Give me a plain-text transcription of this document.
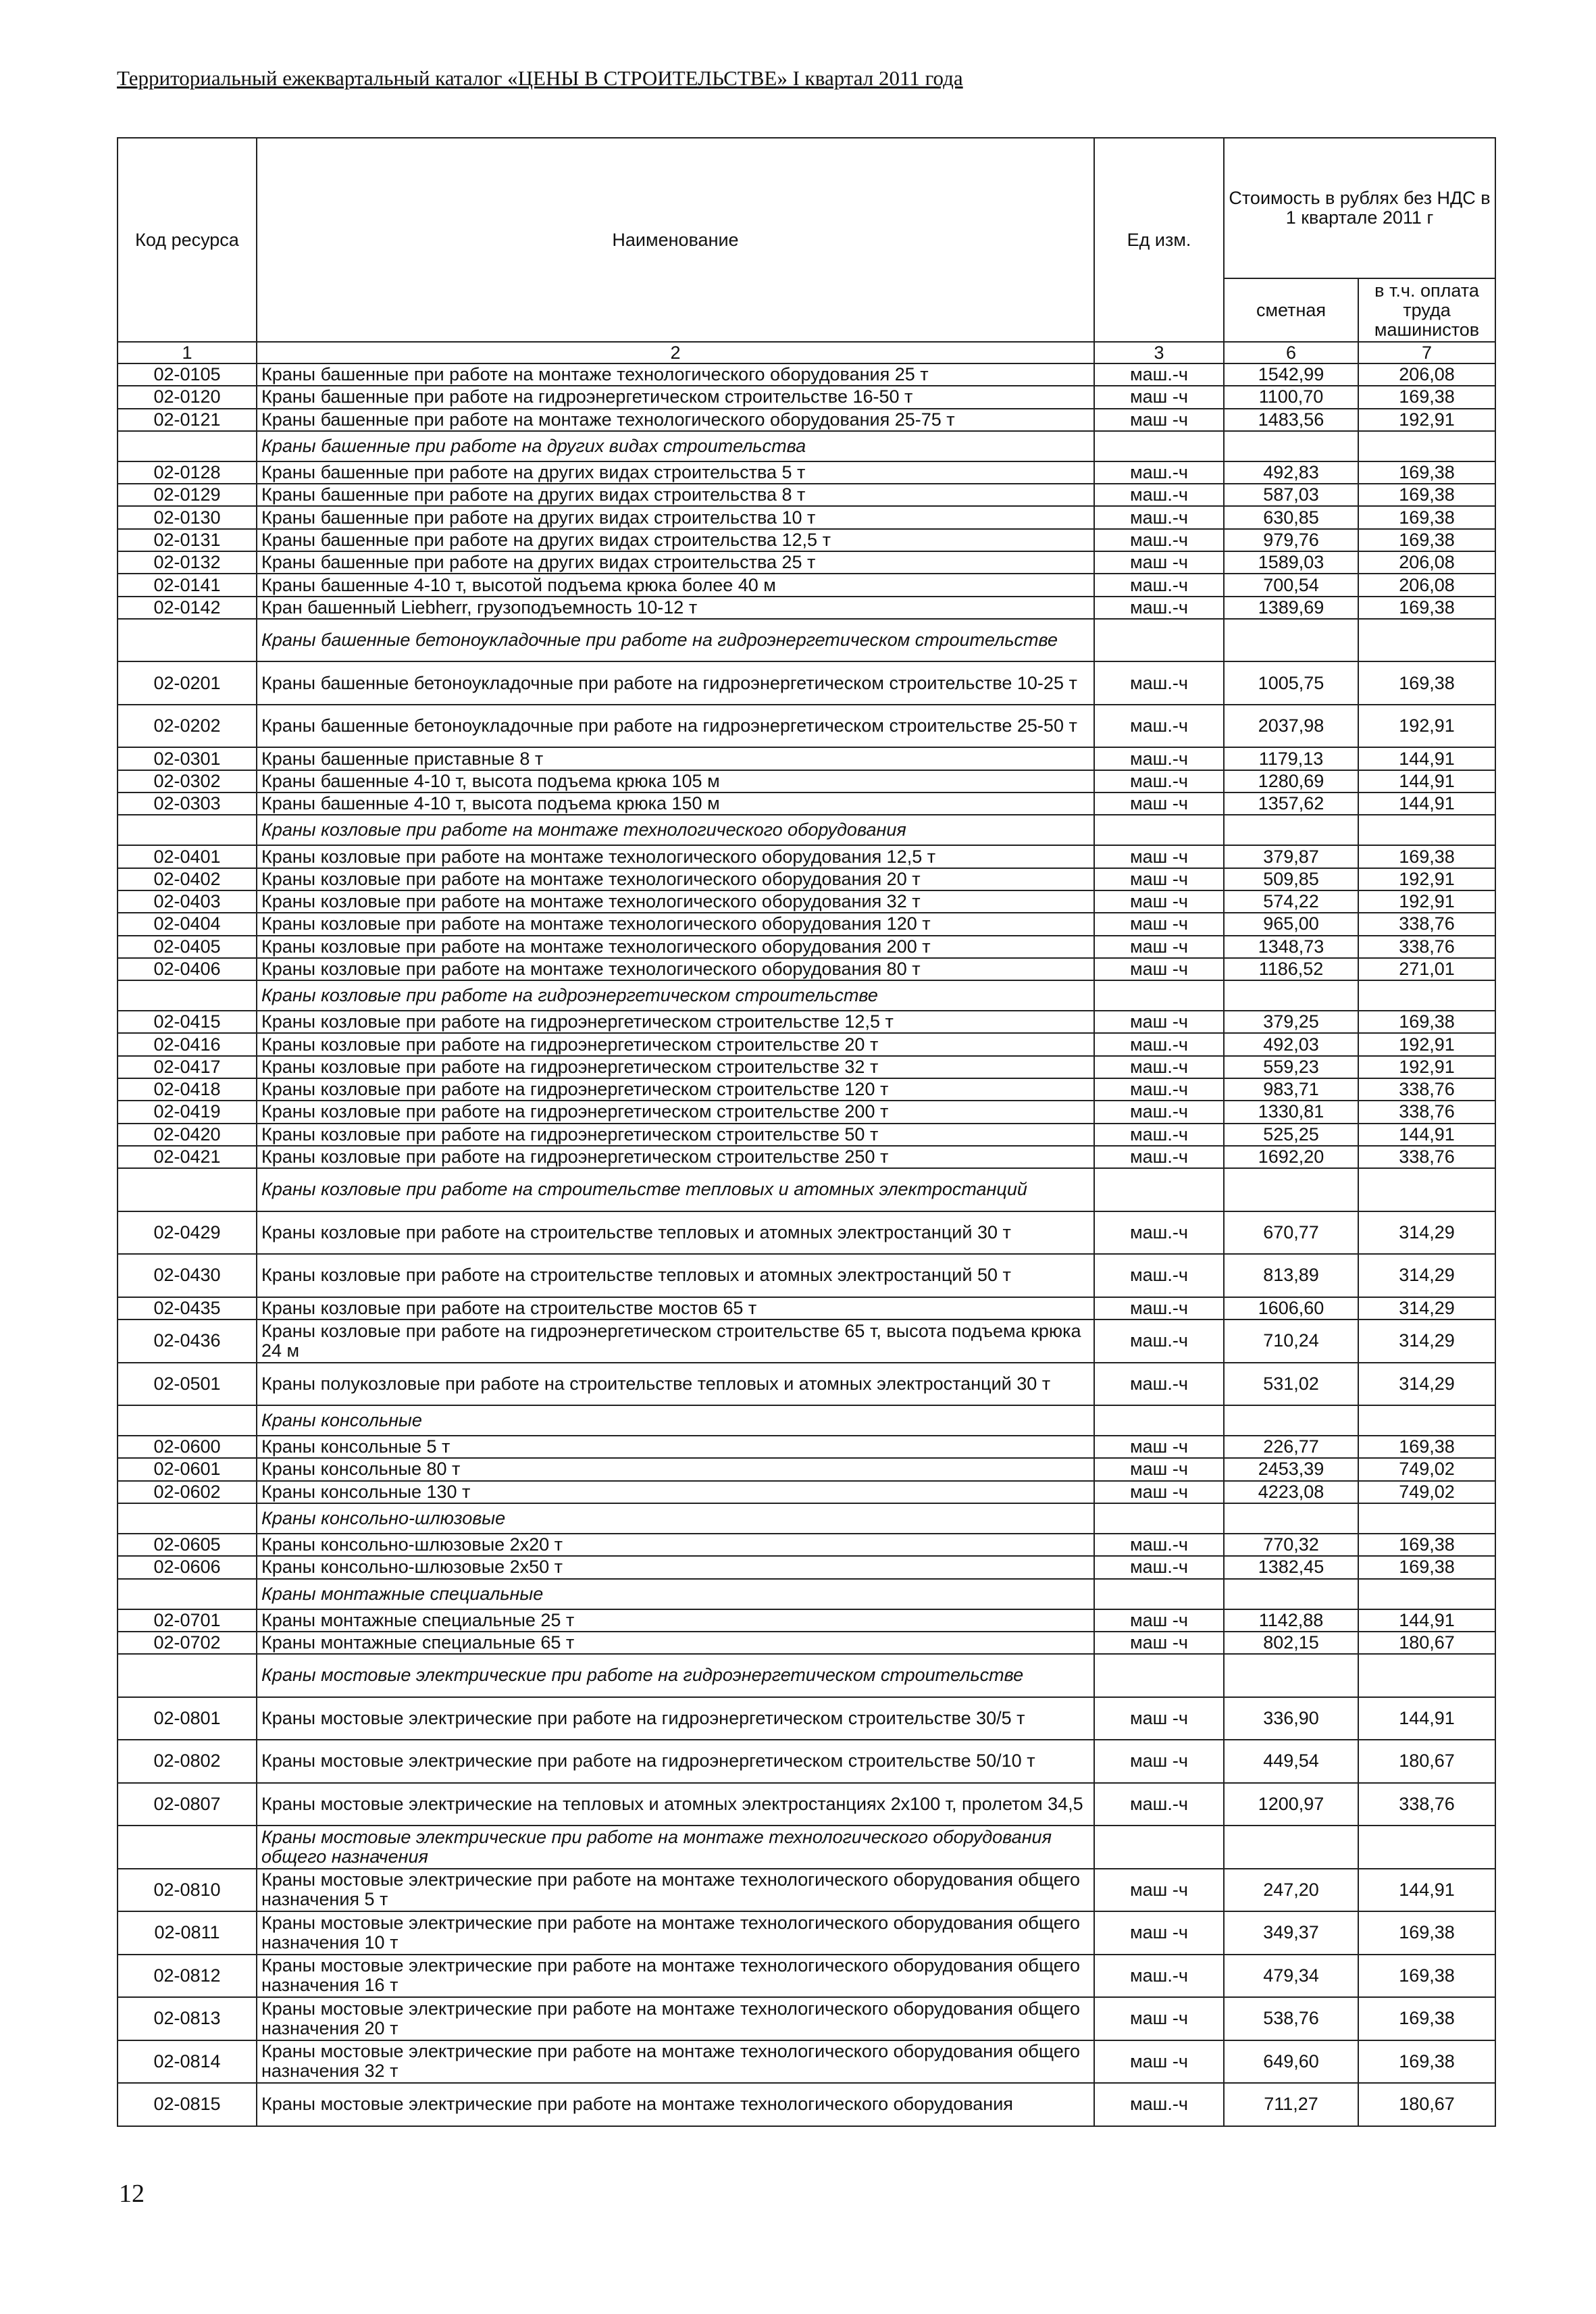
Территориальный ежеквартальный каталог «ЦЕНЫ В СТРОИТЕЛЬСТВЕ» I квартал 2011 года
Код ресурса	Наименование	Ед изм.	Стоимость в рублях без НДС в 1 квартале 2011 г	
			сметная	в т.ч. оплата труда машинистов
1	2	3	6	7
02-0105	Краны башенные при работе на монтаже технологического оборудования 25 т	маш.-ч	1542,99	206,08
02-0120	Краны башенные при работе на гидроэнергетическом строительстве 16-50 т	маш -ч	1100,70	169,38
02-0121	Краны башенные при работе на монтаже технологического оборудования 25-75 т	маш -ч	1483,56	192,91
	Краны башенные при работе на других видах строительства			
02-0128	Краны башенные при работе на других видах строительства 5 т	маш.-ч	492,83	169,38
02-0129	Краны башенные при работе на других видах строительства 8 т	маш.-ч	587,03	169,38
02-0130	Краны башенные при работе на других видах строительства 10 т	маш.-ч	630,85	169,38
02-0131	Краны башенные при работе на других видах строительства 12,5 т	маш.-ч	979,76	169,38
02-0132	Краны башенные при работе на других видах строительства 25 т	маш -ч	1589,03	206,08
02-0141	Краны башенные 4-10 т, высотой подъема крюка более 40 м	маш.-ч	700,54	206,08
02-0142	Кран башенный Liebherr, грузоподъемность 10-12 т	маш.-ч	1389,69	169,38
	Краны башенные бетоноукладочные при работе на гидроэнергетическом строительстве			
02-0201	Краны башенные бетоноукладочные при работе на гидроэнергетическом строительстве 10-25 т	маш.-ч	1005,75	169,38
02-0202	Краны башенные бетоноукладочные при работе на гидроэнергетическом строительстве 25-50 т	маш.-ч	2037,98	192,91
02-0301	Краны башенные приставные 8 т	маш.-ч	1179,13	144,91
02-0302	Краны башенные 4-10 т, высота подъема крюка 105 м	маш.-ч	1280,69	144,91
02-0303	Краны башенные 4-10 т, высота подъема крюка 150 м	маш -ч	1357,62	144,91
	Краны козловые при работе на монтаже технологического оборудования			
02-0401	Краны козловые при работе на монтаже технологического оборудования 12,5 т	маш -ч	379,87	169,38
02-0402	Краны козловые при работе на монтаже технологического оборудования 20 т	маш -ч	509,85	192,91
02-0403	Краны козловые при работе на монтаже технологического оборудования 32 т	маш -ч	574,22	192,91
02-0404	Краны козловые при работе на монтаже технологического оборудования 120 т	маш -ч	965,00	338,76
02-0405	Краны козловые при работе на монтаже технологического оборудования 200 т	маш -ч	1348,73	338,76
02-0406	Краны козловые при работе на монтаже технологического оборудования 80 т	маш -ч	1186,52	271,01
	Краны козловые при работе на гидроэнергетическом строительстве			
02-0415	Краны козловые при работе на гидроэнергетическом строительстве 12,5 т	маш -ч	379,25	169,38
02-0416	Краны козловые при работе на гидроэнергетическом строительстве 20 т	маш.-ч	492,03	192,91
02-0417	Краны козловые при работе на гидроэнергетическом строительстве 32 т	маш.-ч	559,23	192,91
02-0418	Краны козловые при работе на гидроэнергетическом строительстве 120 т	маш.-ч	983,71	338,76
02-0419	Краны козловые при работе на гидроэнергетическом строительстве 200 т	маш.-ч	1330,81	338,76
02-0420	Краны козловые при работе на гидроэнергетическом строительстве 50 т	маш.-ч	525,25	144,91
02-0421	Краны козловые при работе на гидроэнергетическом строительстве 250 т	маш.-ч	1692,20	338,76
	Краны козловые при работе на строительстве тепловых и атомных электростанций			
02-0429	Краны козловые при работе на строительстве тепловых и атомных электростанций 30 т	маш.-ч	670,77	314,29
02-0430	Краны козловые при работе на строительстве тепловых и атомных электростанций 50 т	маш.-ч	813,89	314,29
02-0435	Краны козловые при работе на строительстве мостов 65 т	маш.-ч	1606,60	314,29
02-0436	Краны козловые при работе на гидроэнергетическом строительстве 65 т, высота подъема крюка 24 м	маш.-ч	710,24	314,29
02-0501	Краны полукозловые при работе на строительстве тепловых и атомных электростанций 30 т	маш.-ч	531,02	314,29
	Краны консольные			
02-0600	Краны консольные 5 т	маш -ч	226,77	169,38
02-0601	Краны консольные 80 т	маш -ч	2453,39	749,02
02-0602	Краны консольные 130 т	маш -ч	4223,08	749,02
	Краны консольно-шлюзовые			
02-0605	Краны консольно-шлюзовые 2х20 т	маш.-ч	770,32	169,38
02-0606	Краны консольно-шлюзовые 2х50 т	маш.-ч	1382,45	169,38
	Краны монтажные специальные			
02-0701	Краны монтажные специальные 25 т	маш -ч	1142,88	144,91
02-0702	Краны монтажные специальные 65 т	маш -ч	802,15	180,67
	Краны мостовые электрические при работе на гидроэнергетическом строительстве			
02-0801	Краны мостовые электрические при работе на гидроэнергетическом строительстве 30/5 т	маш -ч	336,90	144,91
02-0802	Краны мостовые электрические при работе на гидроэнергетическом строительстве 50/10 т	маш -ч	449,54	180,67
02-0807	Краны мостовые электрические на тепловых и атомных электростанциях 2х100 т, пролетом 34,5	маш.-ч	1200,97	338,76
	Краны мостовые электрические при работе на монтаже технологического оборудования общего назначения			
02-0810	Краны мостовые электрические при работе на монтаже технологического оборудования общего назначения 5 т	маш -ч	247,20	144,91
02-0811	Краны мостовые электрические при работе на монтаже технологического оборудования общего назначения 10 т	маш -ч	349,37	169,38
02-0812	Краны мостовые электрические при работе на монтаже технологического оборудования общего назначения 16 т	маш.-ч	479,34	169,38
02-0813	Краны мостовые электрические при работе на монтаже технологического оборудования общего назначения 20 т	маш -ч	538,76	169,38
02-0814	Краны мостовые электрические при работе на монтаже технологического оборудования общего назначения 32 т	маш -ч	649,60	169,38
02-0815	Краны мостовые электрические при работе на монтаже технологического оборудования	маш.-ч	711,27	180,67
12
